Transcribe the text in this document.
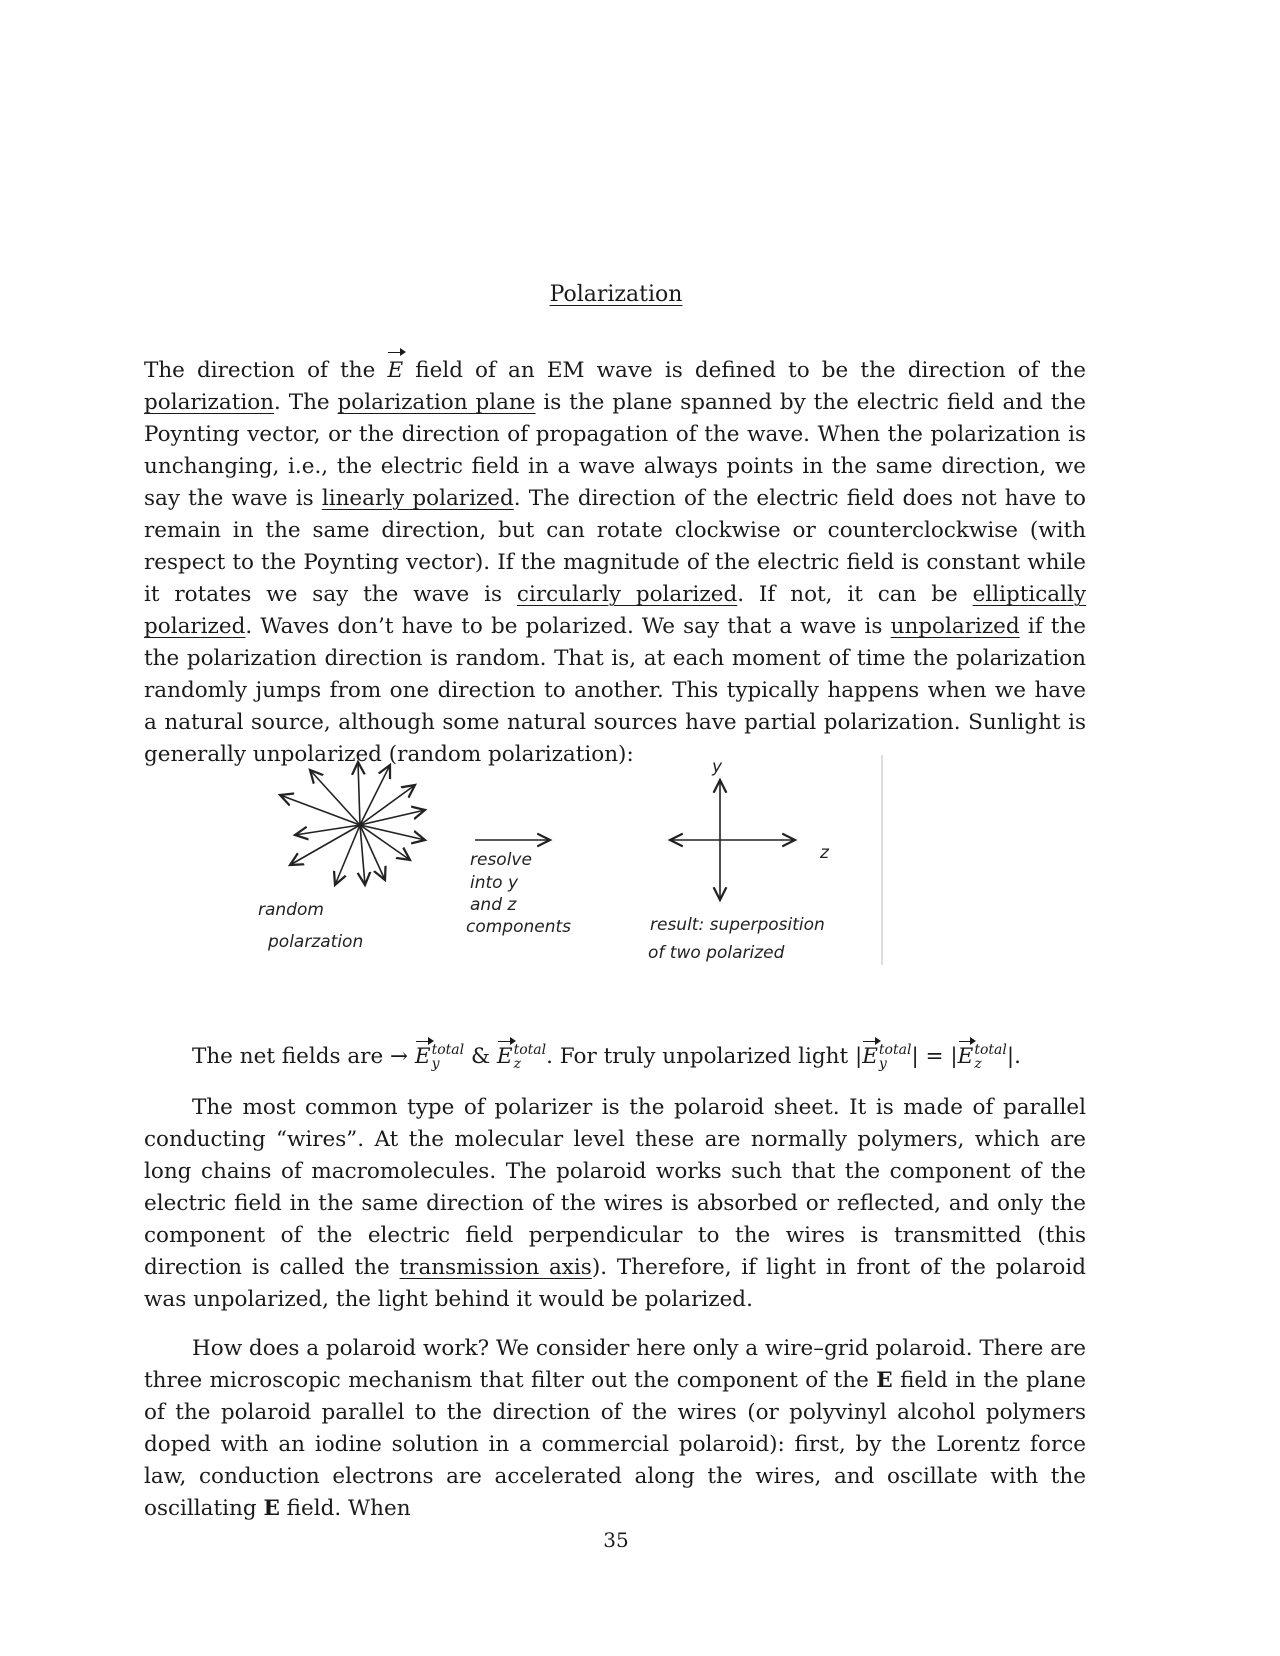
Polarization

The direction of the E field of an EM wave is defined to be the direction of the polarization. The polarization plane is the plane spanned by the electric field and the Poynting vector, or the direction of propagation of the wave. When the polarization is unchanging, i.e., the electric field in a wave always points in the same direction, we say the wave is linearly polarized. The direction of the electric field does not have to remain in the same direction, but can rotate clockwise or counterclockwise (with respect to the Poynting vector). If the magnitude of the electric field is constant while it rotates we say the wave is circularly polarized. If not, it can be elliptically polarized. Waves don’t have to be polarized. We say that a wave is unpolarized if the the polarization direction is random. That is, at each moment of time the polarization randomly jumps from one direction to another. This typically happens when we have a natural source, although some natural sources have partial polarization. Sunlight is generally unpolarized (random polarization):

random
polarzation
resolve
into y
and z
components
y
z
result: superposition
of two polarized
The net fields are → E total
y	& E total
z	. For truly unpolarized light |E total
y	| = |E total
z	|.

The most common type of polarizer is the polaroid sheet. It is made of parallel conducting “wires”. At the molecular level these are normally polymers, which are long chains of macromolecules. The polaroid works such that the component of the electric field in the same direction of the wires is absorbed or reflected, and only the component of the electric field perpendicular to the wires is transmitted (this direction is called the transmission axis). Therefore, if light in front of the polaroid was unpolarized, the light behind it would be polarized.

How does a polaroid work? We consider here only a wire–grid polaroid. There are three microscopic mechanism that filter out the component of the E field in the plane of the polaroid parallel to the direction of the wires (or polyvinyl alcohol polymers doped with an iodine solution in a commercial polaroid): first, by the Lorentz force law, conduction electrons are accelerated along the wires, and oscillate with the oscillating E field. When

35
